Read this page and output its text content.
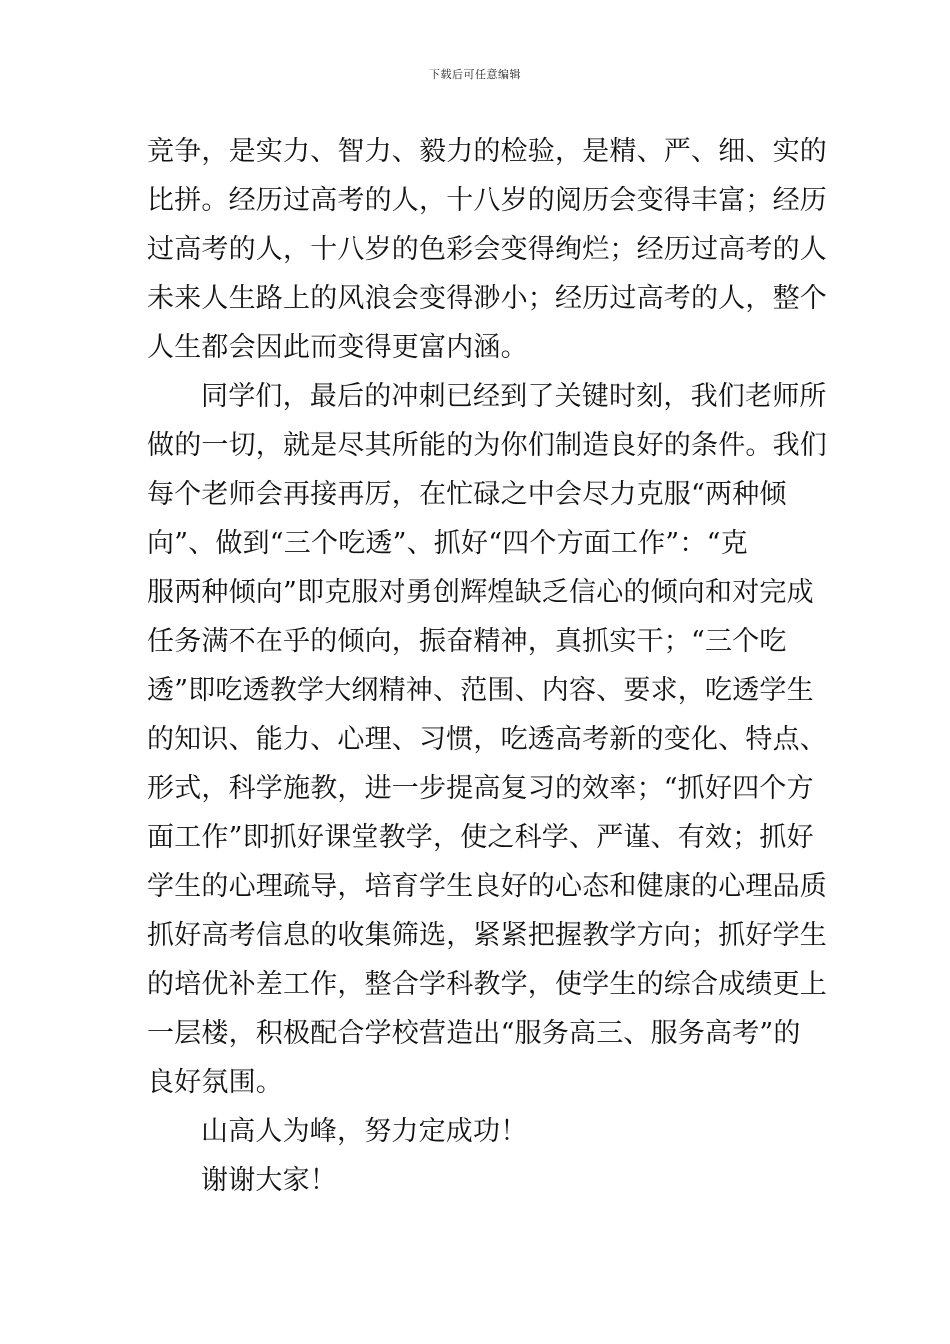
下载后可任意编辑
竞争，是实力、智力、毅力的检验，是精、严、细、实的
比拼。经历过高考的人，十八岁的阅历会变得丰富；经历
过高考的人，十八岁的色彩会变得绚烂；经历过高考的人
未来人生路上的风浪会变得渺小；经历过高考的人，整个
人生都会因此而变得更富内涵。
同学们，最后的冲刺已经到了关键时刻，我们老师所
做的一切，就是尽其所能的为你们制造良好的条件。我们
每个老师会再接再厉，在忙碌之中会尽力克服“两种倾
向”、做到“三个吃透”、抓好“四个方面工作”：“克
服两种倾向”即克服对勇创辉煌缺乏信心的倾向和对完成
任务满不在乎的倾向，振奋精神，真抓实干；“三个吃
透”即吃透教学大纲精神、范围、内容、要求，吃透学生
的知识、能力、心理、习惯，吃透高考新的变化、特点、
形式，科学施教，进一步提高复习的效率；“抓好四个方
面工作”即抓好课堂教学，使之科学、严谨、有效；抓好
学生的心理疏导，培育学生良好的心态和健康的心理品质
抓好高考信息的收集筛选，紧紧把握教学方向；抓好学生
的培优补差工作，整合学科教学，使学生的综合成绩更上
一层楼，积极配合学校营造出“服务高三、服务高考”的
良好氛围。
山高人为峰，努力定成功！
谢谢大家！
